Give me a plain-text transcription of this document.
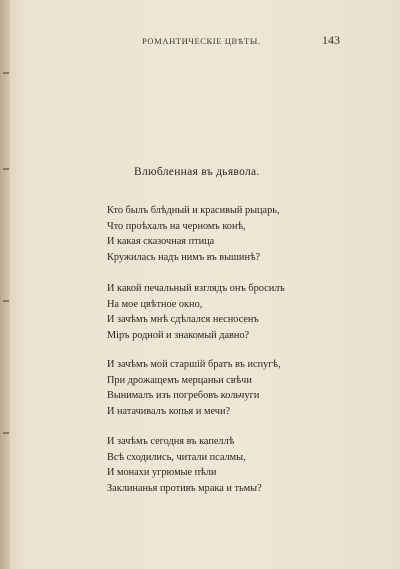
РОМАНТИЧЕСКІЕ ЦВѢТЫ.	143
Влюбленная въ дьявола.
Кто былъ блѣдный и красивый рыцарь,
Что проѣхалъ на черномъ конѣ,
И какая сказочная птица
Кружилась надъ нимъ въ вышинѣ?
И какой печальный взглядъ онъ бросилъ
На мое цвѣтное окно,
И зачѣмъ мнѣ сдѣлался несносенъ
Міръ родной и знакомый давно?
И зачѣмъ мой старшій братъ въ испугѣ,
При дрожащемъ мерцаньи свѣчи
Вынималъ изъ погребовъ кольчуги
И натачивалъ копья и мечи?
И зачѣмъ сегодня въ капеллѣ
Всѣ сходились, читали псалмы,
И монахи угрюмые пѣли
Заклинанья противъ мрака и тьмы?
